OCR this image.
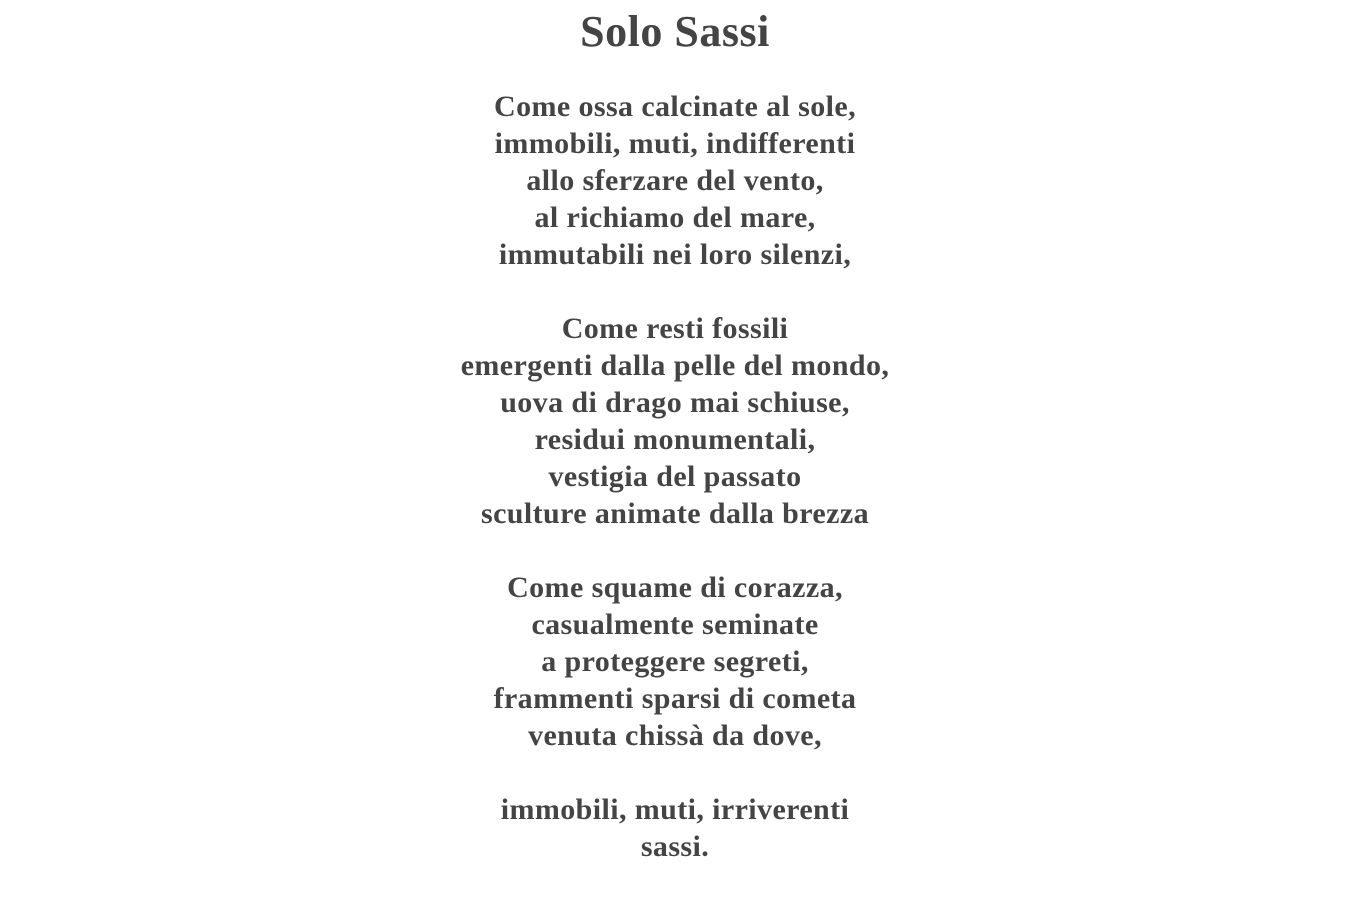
Solo Sassi
Come ossa calcinate al sole,
immobili, muti, indifferenti
allo sferzare del vento,
al richiamo del mare,
immutabili nei loro silenzi,
Come resti fossili
emergenti dalla pelle del mondo,
uova di drago mai schiuse,
residui monumentali,
vestigia del passato
sculture animate dalla brezza
Come squame di corazza,
casualmente seminate
a proteggere segreti,
frammenti sparsi di cometa
venuta chissà da dove,
immobili, muti, irriverenti
sassi.
